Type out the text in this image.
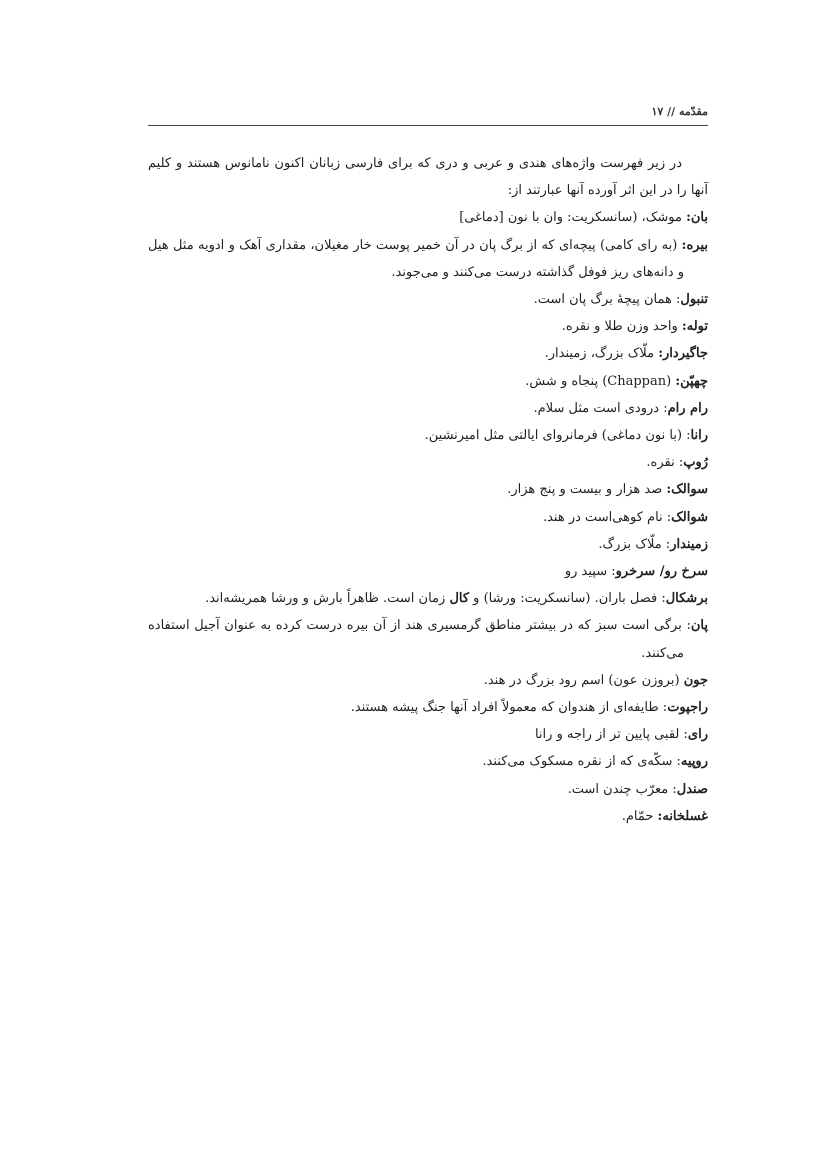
مقدّمه // ۱۷

در زیر فهرست واژه‌های هندی و عربی و دری که برای فارسی زبانان اکنون نامانوس هستند و کلیم آنها را در این اثر آورده آنها عبارتند از:

بان: موشک، (سانسکریت: وان با نون [دماغی]

بیره: (به رای کامی) پیچه‌ای که از برگ پان در آن خمیر پوست خار مغیلان، مقداری آهک و ادویه مثل هیل و دانه‌های ریز فوفل گذاشته درست می‌کنند و می‌جوند.

تنبول: همان پیچهٔ برگ پان است.

توله: واحد وزن طلا و نقره.

جاگیردار: ملّاک بزرگ، زمیندار.

چهپّن: (Chappan) پنجاه و شش.

رام رام: درودی است مثل سلام.

رانا: (با نون دماغی) فرمانروای ایالتی مثل امیرنشین.

رُوپ: نقره.

سوالک: صد هزار و بیست و پنج هزار.

شوالک: نام کوهی‌است در هند.

زمیندار: ملّاک بزرگ.

سرخ رو/ سرخرو: سپید رو

برشکال: فصل باران. (سانسکریت: ورشا) و کال زمان است. ظاهراً بارش و ورشا همریشه‌اند.

پان: برگی است سبز که در بیشتر مناطق گرمسیری هند از آن بیره درست کرده به عنوان آجیل استفاده می‌کنند.

جون (بروزن عون) اسم رود بزرگ در هند.

راجپوت: طایفه‌ای از هندوان که معمولاً افراد آنها جنگ پیشه هستند.

رای: لقبی پایین تر از راجه و رانا

روپیه: سکّه‌ی که از نقره مسکوک می‌کنند.

صندل: معرّب چندن است.

غسلخانه: حمّام.
